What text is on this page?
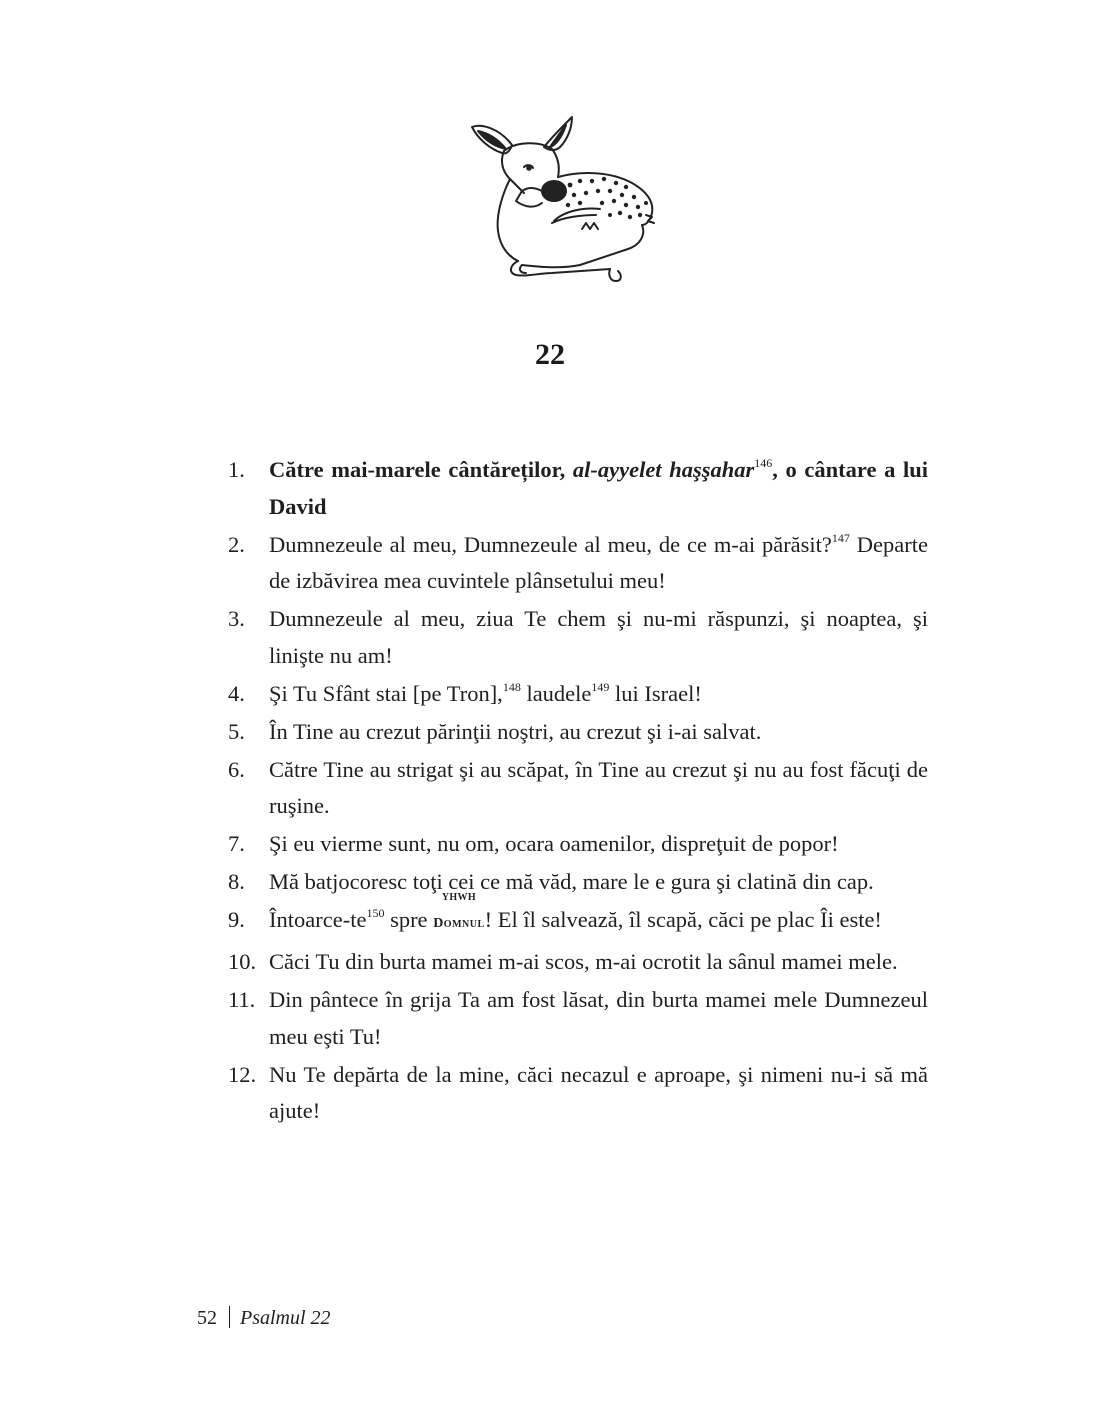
22
1. Către mai-marele cântăreților, al-ayyelet haşşahar$^{146}$, o cântare a lui David
2. Dumnezeule al meu, Dumnezeule al meu, de ce m-ai părăsit?$^{147}$ Departe de izbăvirea mea cuvintele plânsetului meu!
3. Dumnezeule al meu, ziua Te chem şi nu-mi răspunzi, şi noaptea, şi linişte nu am!
4. Şi Tu Sfânt stai [pe Tron],$^{148}$ laudele$^{149}$ lui Israel!
5. În Tine au crezut părinţii noştri, au crezut şi i-ai salvat.
6. Către Tine au strigat şi au scăpat, în Tine au crezut şi nu au fost făcuţi de ruşine.
7. Şi eu vierme sunt, nu om, ocara oamenilor, dispreţuit de popor!
8. Mă batjocoresc toţi cei ce mă văd, mare le e gura şi clatină din cap.
9. Întoarce-te$^{150}$ spre
YHWH
Domnul! El îl salvează, îl scapă, căci pe plac Îi este!
10. Căci Tu din burta mamei m-ai scos, m-ai ocrotit la sânul mamei mele.
11. Din pântece în grija Ta am fost lăsat, din burta mamei mele Dumnezeul meu eşti Tu!
12. Nu Te depărta de la mine, căci necazul e aproape, şi nimeni nu-i să mă ajute!
52 Psalmul 22
